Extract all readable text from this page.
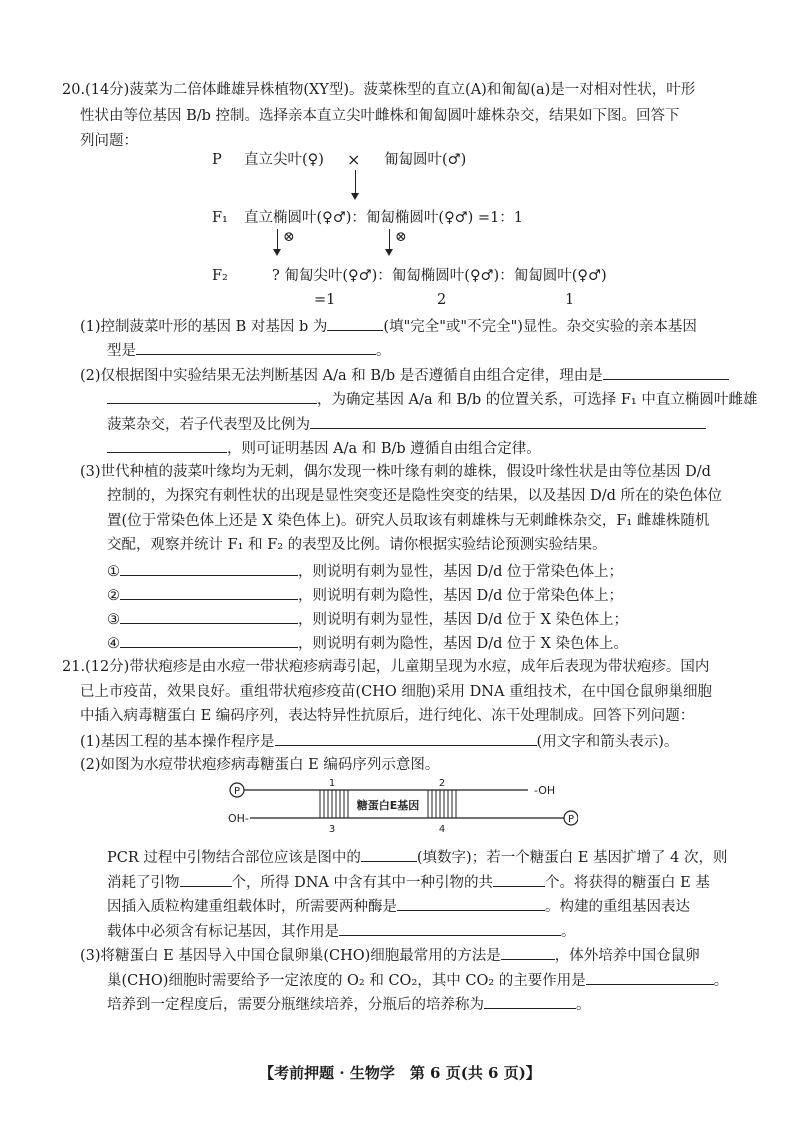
20.(14分)菠菜为二倍体雌雄异株植物(XY型)。菠菜株型的直立(A)和匍匐(a)是一对相对性状，叶形
性状由等位基因 B/b 控制。选择亲本直立尖叶雌株和匍匐圆叶雄株杂交，结果如下图。回答下
列问题：
P 直立尖叶(♀) × 匍匐圆叶(♂)
F₁ 直立椭圆叶(♀♂)：匍匐椭圆叶(♀♂) =1：1
⊗	⊗
F₂	? 匍匐尖叶(♀♂)：匍匐椭圆叶(♀♂)：匍匐圆叶(♀♂)
=1	2	1
(1)控制菠菜叶形的基因 B 对基因 b 为	(填"完全"或"不完全")显性。杂交实验的亲本基因
型是	。
(2)仅根据图中实验结果无法判断基因 A/a 和 B/b 是否遵循自由组合定律，理由是
，为确定基因 A/a 和 B/b 的位置关系，可选择 F₁ 中直立椭圆叶雌雄
菠菜杂交，若子代表型及比例为
，则可证明基因 A/a 和 B/b 遵循自由组合定律。
(3)世代种植的菠菜叶缘均为无刺，偶尔发现一株叶缘有刺的雄株，假设叶缘性状是由等位基因 D/d
控制的，为探究有刺性状的出现是显性突变还是隐性突变的结果，以及基因 D/d 所在的染色体位
置(位于常染色体上还是 X 染色体上)。研究人员取该有刺雄株与无刺雌株杂交，F₁ 雌雄株随机
交配，观察并统计 F₁ 和 F₂ 的表型及比例。请你根据实验结论预测实验结果。
①	，则说明有刺为显性，基因 D/d 位于常染色体上；
②	，则说明有刺为隐性，基因 D/d 位于常染色体上；
③	，则说明有刺为显性，基因 D/d 位于 X 染色体上；
④	，则说明有刺为隐性，基因 D/d 位于 X 染色体上。
21.(12分)带状疱疹是由水痘一带状疱疹病毒引起，儿童期呈现为水痘，成年后表现为带状疱疹。国内
已上市疫苗，效果良好。重组带状疱疹疫苗(CHO 细胞)采用 DNA 重组技术，在中国仓鼠卵巢细胞
中插入病毒糖蛋白 E 编码序列，表达特异性抗原后，进行纯化、冻干处理制成。回答下列问题：
(1)基因工程的基本操作程序是	(用文字和箭头表示)。
(2)如图为水痘带状疱疹病毒糖蛋白 E 编码序列示意图。
P
OH-
-OH
P
糖蛋白E基因
1	2
3	4
PCR 过程中引物结合部位应该是图中的	(填数字)；若一个糖蛋白 E 基因扩增了 4 次，则
消耗了引物	个，所得 DNA 中含有其中一种引物的共	个。将获得的糖蛋白 E 基
因插入质粒构建重组载体时，所需要两种酶是	。构建的重组基因表达
载体中必须含有标记基因，其作用是	。
(3)将糖蛋白 E 基因导入中国仓鼠卵巢(CHO)细胞最常用的方法是	，体外培养中国仓鼠卵
巢(CHO)细胞时需要给予一定浓度的 O₂ 和 CO₂，其中 CO₂ 的主要作用是	。
培养到一定程度后，需要分瓶继续培养，分瓶后的培养称为	。
【考前押题 · 生物学　第 6 页(共 6 页)】
